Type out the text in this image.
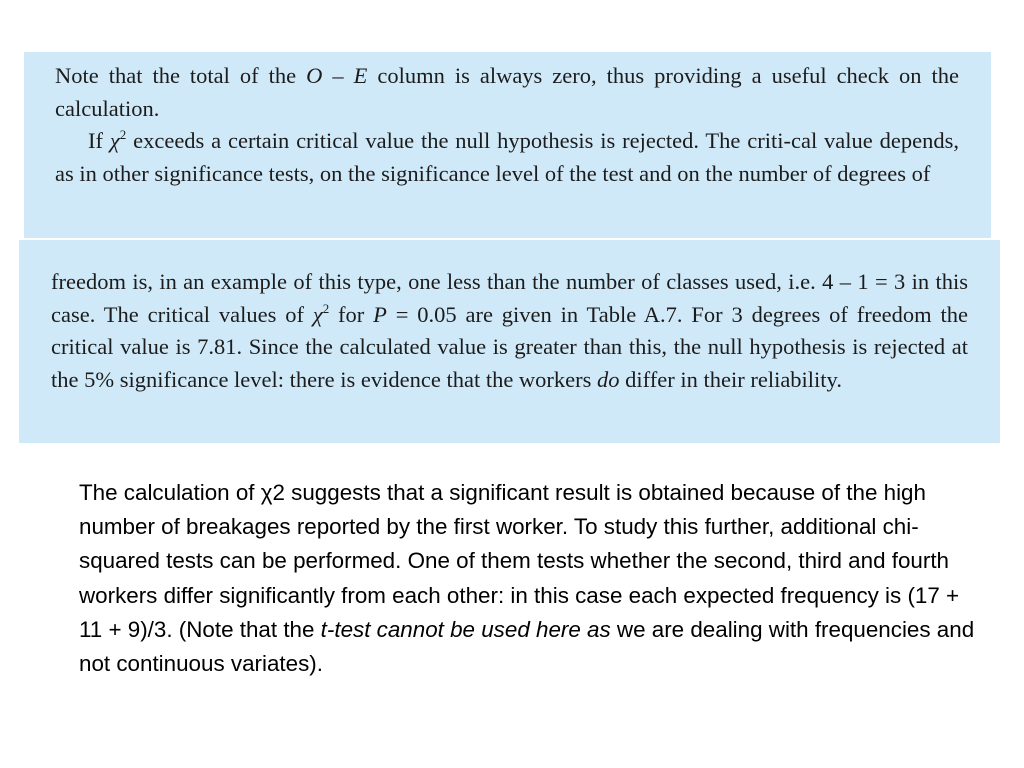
Note that the total of the O – E column is always zero, thus providing a useful check on the calculation.

If $\chi^2$ exceeds a certain critical value the null hypothesis is rejected. The criti-cal value depends, as in other significance tests, on the significance level of the test and on the number of degrees of

freedom is, in an example of this type, one less than the number of classes used, i.e. 4 – 1 = 3 in this case. The critical values of $\chi^2$ for P = 0.05 are given in Table A.7. For 3 degrees of freedom the critical value is 7.81. Since the calculated value is greater than this, the null hypothesis is rejected at the 5% significance level: there is evidence that the workers do differ in their reliability.

The calculation of χ2 suggests that a significant result is obtained because of the high number of breakages reported by the first worker. To study this further, additional chi-squared tests can be performed. One of them tests whether the second, third and fourth workers differ significantly from each other: in this case each expected frequency is (17 + 11 + 9)/3. (Note that the t-test cannot be used here as we are dealing with frequencies and not continuous variates).
